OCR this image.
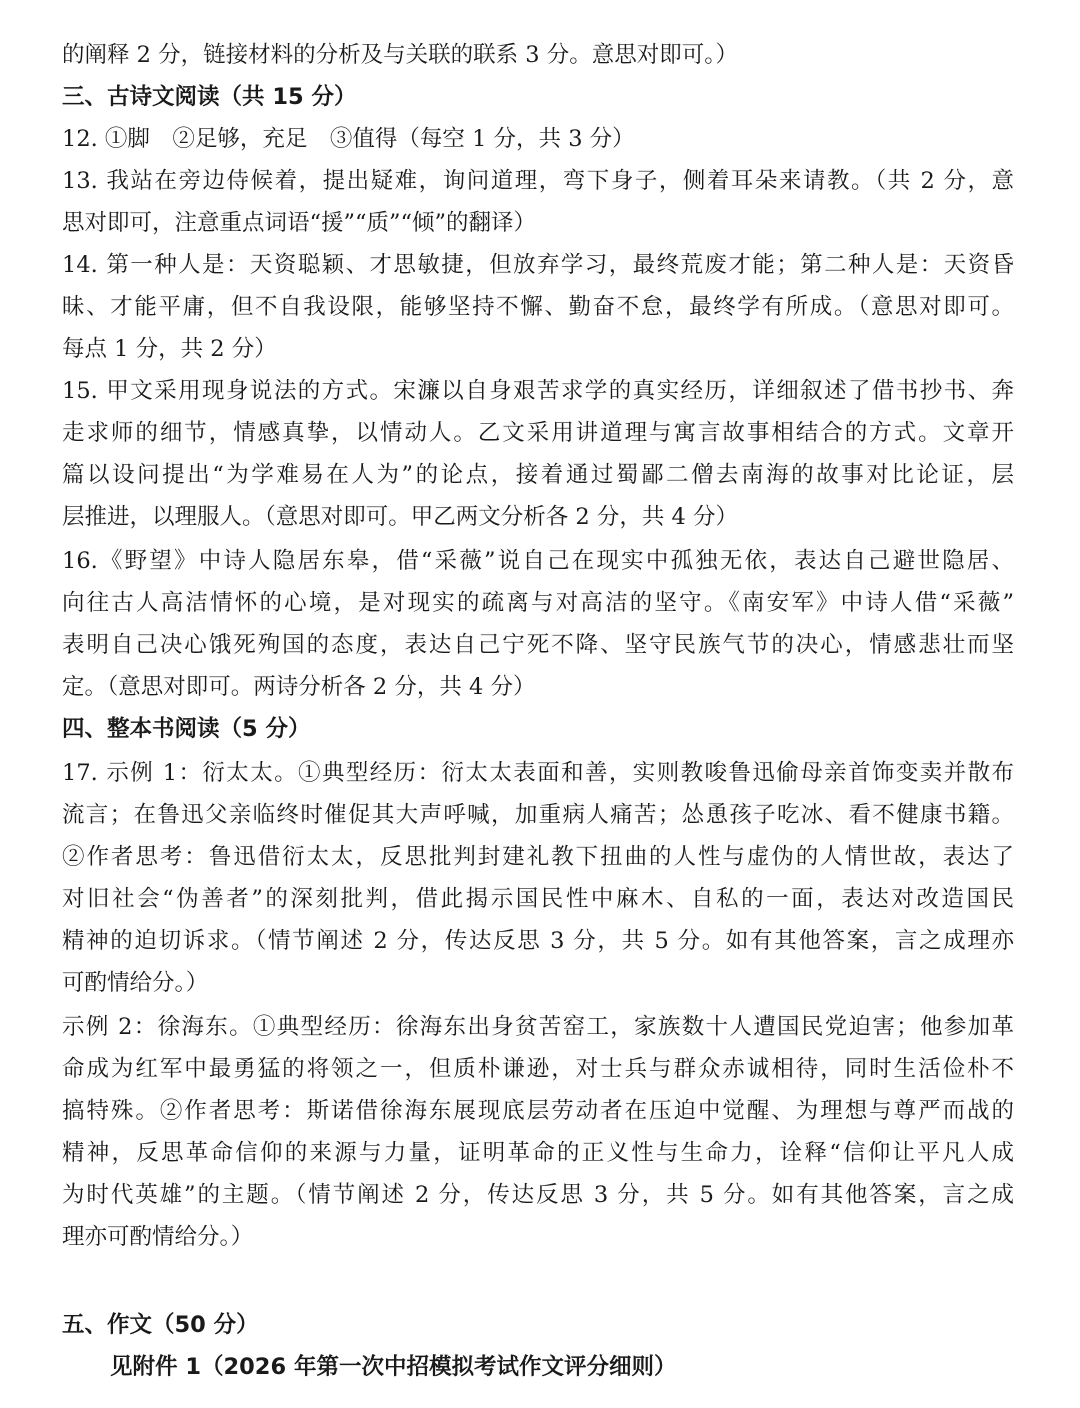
的阐释 2 分，链接材料的分析及与关联的联系 3 分。意思对即可。）
三、古诗文阅读（共 15 分）
12. ①脚　②足够，充足　③值得（每空 1 分，共 3 分）
13. 我站在旁边侍候着，提出疑难，询问道理，弯下身子，侧着耳朵来请教。（共 2 分，意
思对即可，注意重点词语“援”“质”“倾”的翻译）
14. 第一种人是：天资聪颖、才思敏捷，但放弃学习，最终荒废才能；第二种人是：天资昏
昧、才能平庸，但不自我设限，能够坚持不懈、勤奋不怠，最终学有所成。（意思对即可。
每点 1 分，共 2 分）
15. 甲文采用现身说法的方式。宋濂以自身艰苦求学的真实经历，详细叙述了借书抄书、奔
走求师的细节，情感真挚，以情动人。乙文采用讲道理与寓言故事相结合的方式。文章开
篇以设问提出“为学难易在人为”的论点，接着通过蜀鄙二僧去南海的故事对比论证，层
层推进，以理服人。（意思对即可。甲乙两文分析各 2 分，共 4 分）
16.《野望》中诗人隐居东皋，借“采薇”说自己在现实中孤独无依，表达自己避世隐居、
向往古人高洁情怀的心境，是对现实的疏离与对高洁的坚守。《南安军》中诗人借“采薇”
表明自己决心饿死殉国的态度，表达自己宁死不降、坚守民族气节的决心，情感悲壮而坚
定。（意思对即可。两诗分析各 2 分，共 4 分）
四、整本书阅读（5 分）
17. 示例 1：衍太太。①典型经历：衍太太表面和善，实则教唆鲁迅偷母亲首饰变卖并散布
流言；在鲁迅父亲临终时催促其大声呼喊，加重病人痛苦；怂恿孩子吃冰、看不健康书籍。
②作者思考：鲁迅借衍太太，反思批判封建礼教下扭曲的人性与虚伪的人情世故，表达了
对旧社会“伪善者”的深刻批判，借此揭示国民性中麻木、自私的一面，表达对改造国民
精神的迫切诉求。（情节阐述 2 分，传达反思 3 分，共 5 分。如有其他答案，言之成理亦
可酌情给分。）
示例 2：徐海东。①典型经历：徐海东出身贫苦窑工，家族数十人遭国民党迫害；他参加革
命成为红军中最勇猛的将领之一，但质朴谦逊，对士兵与群众赤诚相待，同时生活俭朴不
搞特殊。②作者思考：斯诺借徐海东展现底层劳动者在压迫中觉醒、为理想与尊严而战的
精神，反思革命信仰的来源与力量，证明革命的正义性与生命力，诠释“信仰让平凡人成
为时代英雄”的主题。（情节阐述 2 分，传达反思 3 分，共 5 分。如有其他答案，言之成
理亦可酌情给分。）
五、作文（50 分）
见附件 1（2026 年第一次中招模拟考试作文评分细则）
